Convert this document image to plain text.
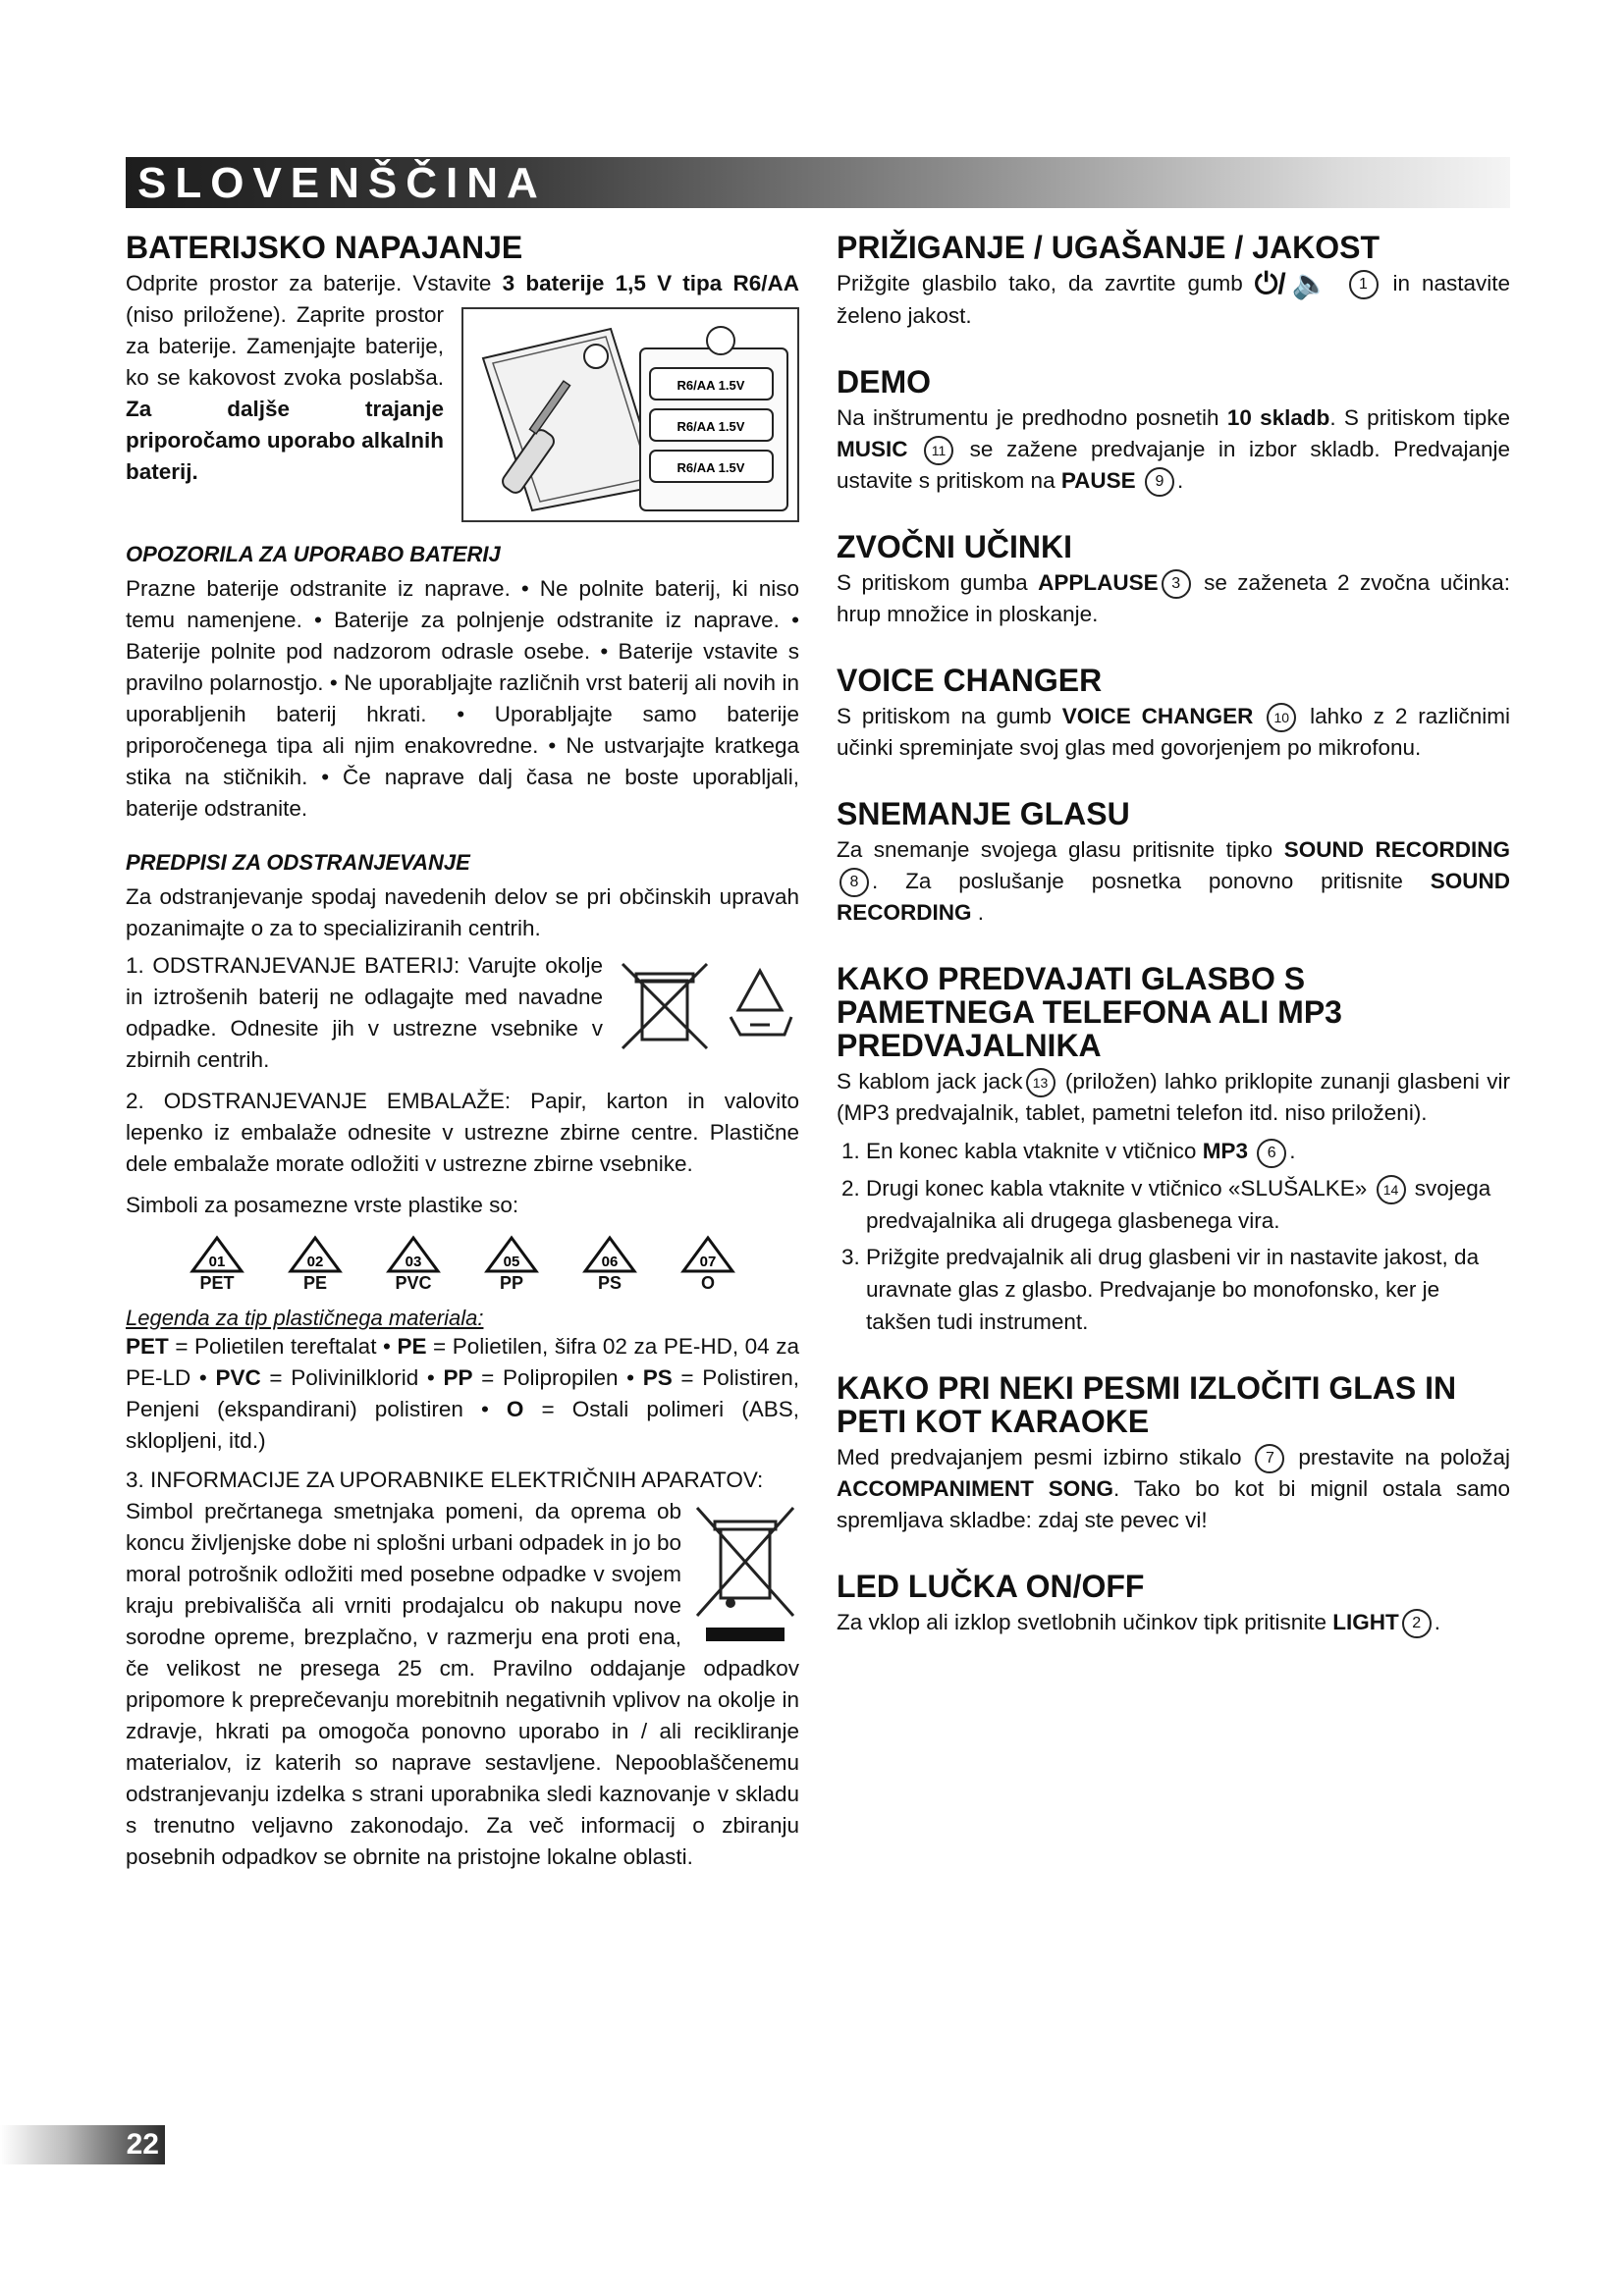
SLOVENŠČINA
BATERIJSKO NAPAJANJE

Odprite prostor za baterije. Vstavite 3 baterije 1,5 V tipa R6/AA
R6/AA 1.5V
R6/AA 1.5V
R6/AA 1.5V
(niso priložene). Zaprite prostor za baterije. Zamenjajte baterije, ko se kakovost zvoka poslabša. Za daljše trajanje priporočamo uporabo alkalnih baterij.

OPOZORILA ZA UPORABO BATERIJ

Prazne baterije odstranite iz naprave. • Ne polnite baterij, ki niso temu namenjene. • Baterije za polnjenje odstranite iz naprave. • Baterije polnite pod nadzorom odrasle osebe. • Baterije vstavite s pravilno polarnostjo. • Ne uporabljajte različnih vrst baterij ali novih in uporabljenih baterij hkrati. • Uporabljajte samo baterije priporočenega tipa ali njim enakovredne. • Ne ustvarjajte kratkega stika na stičnikih. • Če naprave dalj časa ne boste uporabljali, baterije odstranite.

PREDPISI ZA ODSTRANJEVANJE

Za odstranjevanje spodaj navedenih delov se pri občinskih upravah pozanimajte o za to specializiranih centrih.

1. ODSTRANJEVANJE BATERIJ: Varujte okolje in iztrošenih baterij ne odlagajte med navadne odpadke. Odnesite jih v ustrezne vsebnike v zbirnih centrih.

2. ODSTRANJEVANJE EMBALAŽE: Papir, karton in valovito lepenko iz embalaže odnesite v ustrezne zbirne centre. Plastične dele embalaže morate odložiti v ustrezne zbirne vsebnike.

Simboli za posamezne vrste plastike so:

01
PET
02
PE
03
PVC
05
PP
06
PS
07
O
Legenda za tip plastičnega materiala:

PET = Polietilen tereftalat • PE = Polietilen, šifra 02 za PE-HD, 04 za PE-LD • PVC = Polivinilklorid • PP = Polipropilen • PS = Polistiren, Penjeni (ekspandirani) polistiren • O = Ostali polimeri (ABS, sklopljeni, itd.)

3. INFORMACIJE ZA UPORABNIKE ELEKTRIČNIH APARATOV:

Simbol prečrtanega smetnjaka pomeni, da oprema ob koncu življenjske dobe ni splošni urbani odpadek in jo bo moral potrošnik odložiti med posebne odpadke v svojem kraju prebivališča ali vrniti prodajalcu ob nakupu nove sorodne opreme, brezplačno, v razmerju ena proti ena, če velikost ne presega 25 cm. Pravilno oddajanje odpadkov pripomore k preprečevanju morebitnih negativnih vplivov na okolje in zdravje, hkrati pa omogoča ponovno uporabo in / ali recikliranje materialov, iz katerih so naprave sestavljene. Nepooblaščenemu odstranjevanju izdelka s strani uporabnika sledi kaznovanje v skladu s trenutno veljavno zakonodajo. Za več informacij o zbiranju posebnih odpadkov se obrnite na pristojne lokalne oblasti.

PRIŽIGANJE / UGAŠANJE / JAKOST

Prižgite glasbilo tako, da zavrtite gumb ⏻/🔈 1 in nastavite želeno jakost.

DEMO

Na inštrumentu je predhodno posnetih 10 skladb. S pritiskom tipke MUSIC 11 se zažene predvajanje in izbor skladb. Predvajanje ustavite s pritiskom na PAUSE 9 .

ZVOČNI UČINKI

S pritiskom gumba APPLAUSE 3 se zaženeta 2 zvočna učinka: hrup množice in ploskanje.

VOICE CHANGER

S pritiskom na gumb VOICE CHANGER 10 lahko z 2 različnimi učinki spreminjate svoj glas med govorjenjem po mikrofonu.

SNEMANJE GLASU

Za snemanje svojega glasu pritisnite tipko SOUND RECORDING 8 . Za poslušanje posnetka ponovno pritisnite SOUND RECORDING .

KAKO PREDVAJATI GLASBO S PAMETNEGA TELEFONA ALI MP3 PREDVAJALNIKA

S kablom jack jack 13 (priložen) lahko priklopite zunanji glasbeni vir (MP3 predvajalnik, tablet, pametni telefon itd. niso priloženi).

1. En konec kabla vtaknite v vtičnico MP3 6 .
2. Drugi konec kabla vtaknite v vtičnico «SLUŠALKE» 14 svojega predvajalnika ali drugega glasbenega vira.
3. Prižgite predvajalnik ali drug glasbeni vir in nastavite jakost, da uravnate glas z glasbo. Predvajanje bo monofonsko, ker je takšen tudi instrument.
KAKO PRI NEKI PESMI IZLOČITI GLAS IN PETI KOT KARAOKE

Med predvajanjem pesmi izbirno stikalo 7 prestavite na položaj ACCOMPANIMENT SONG. Tako bo kot bi mignil ostala samo spremljava skladbe: zdaj ste pevec vi!

LED LUČKA ON/OFF

Za vklop ali izklop svetlobnih učinkov tipk pritisnite LIGHT 2 .

22
